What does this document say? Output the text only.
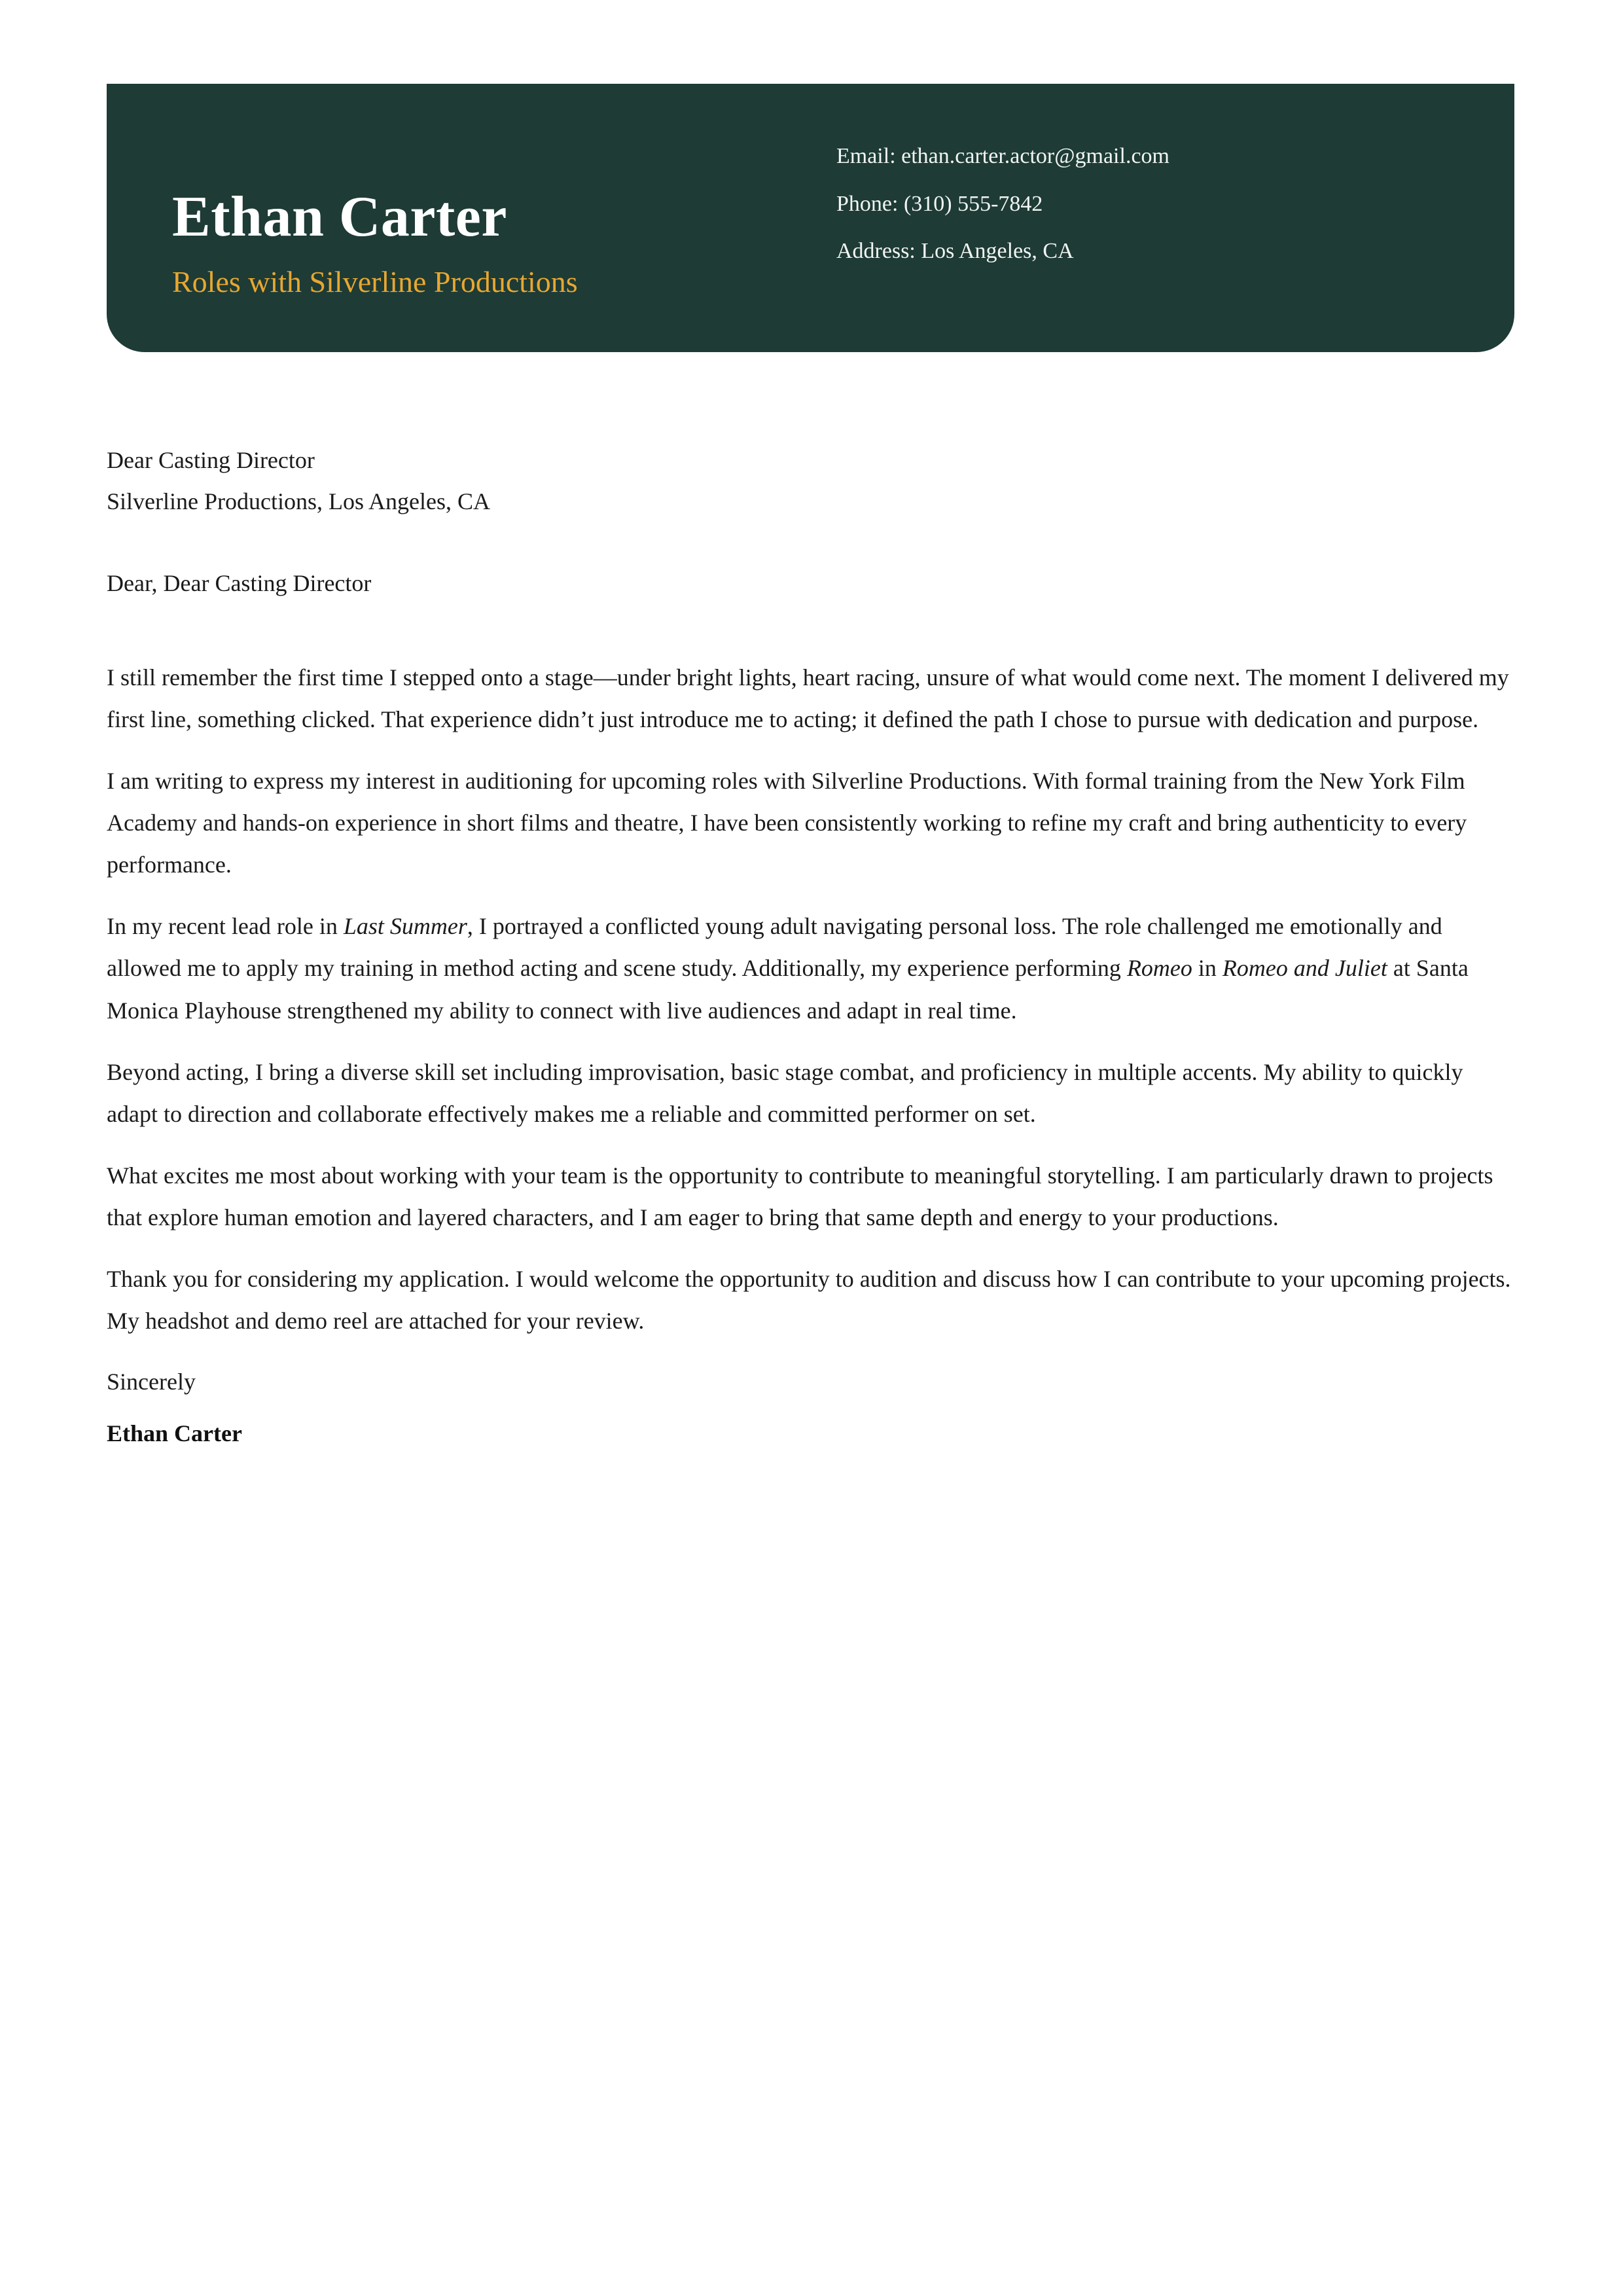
Ethan Carter
Roles with Silverline Productions
Email: ethan.carter.actor@gmail.com
Phone: (310) 555-7842
Address: Los Angeles, CA
Dear Casting Director
Silverline Productions, Los Angeles, CA
Dear, Dear Casting Director

I still remember the first time I stepped onto a stage—under bright lights, heart racing, unsure of what would come next. The moment I delivered my first line, something clicked. That experience didn’t just introduce me to acting; it defined the path I chose to pursue with dedication and purpose.

I am writing to express my interest in auditioning for upcoming roles with Silverline Productions. With formal training from the New York Film Academy and hands-on experience in short films and theatre, I have been consistently working to refine my craft and bring authenticity to every performance.

In my recent lead role in Last Summer, I portrayed a conflicted young adult navigating personal loss. The role challenged me emotionally and allowed me to apply my training in method acting and scene study. Additionally, my experience performing Romeo in Romeo and Juliet at Santa Monica Playhouse strengthened my ability to connect with live audiences and adapt in real time.

Beyond acting, I bring a diverse skill set including improvisation, basic stage combat, and proficiency in multiple accents. My ability to quickly adapt to direction and collaborate effectively makes me a reliable and committed performer on set.

What excites me most about working with your team is the opportunity to contribute to meaningful storytelling. I am particularly drawn to projects that explore human emotion and layered characters, and I am eager to bring that same depth and energy to your productions.

Thank you for considering my application. I would welcome the opportunity to audition and discuss how I can contribute to your upcoming projects. My headshot and demo reel are attached for your review.

Sincerely
Ethan Carter
